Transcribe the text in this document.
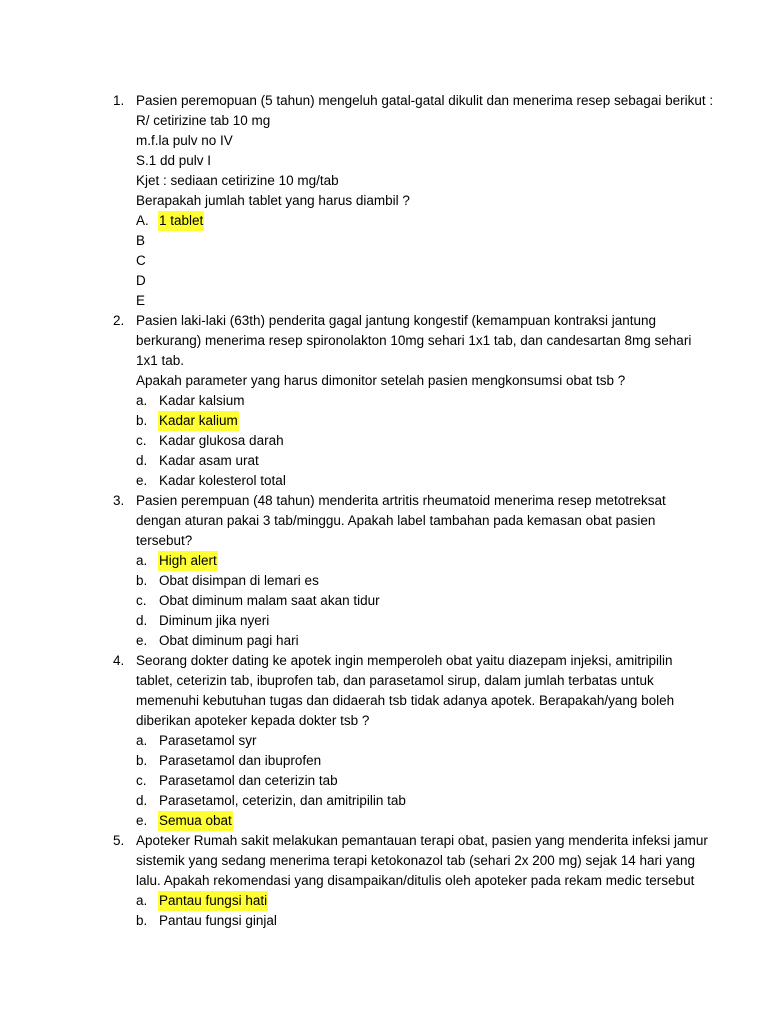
1. Pasien peremopuan (5 tahun) mengeluh gatal-gatal dikulit dan menerima resep sebagai berikut :
R/ cetirizine tab 10 mg
m.f.la pulv no IV
S.1 dd pulv I
Kjet : sediaan cetirizine 10 mg/tab
Berapakah jumlah tablet yang harus diambil ?
A. 1 tablet
B
C
D
E
2. Pasien laki-laki (63th) penderita gagal jantung kongestif (kemampuan kontraksi jantung
berkurang) menerima resep spironolakton 10mg sehari 1x1 tab, dan candesartan 8mg sehari
1x1 tab.
Apakah parameter yang harus dimonitor setelah pasien mengkonsumsi obat tsb ?
a. Kadar kalsium
b. Kadar kalium
c. Kadar glukosa darah
d. Kadar asam urat
e. Kadar kolesterol total
3. Pasien perempuan (48 tahun) menderita artritis rheumatoid menerima resep metotreksat
dengan aturan pakai 3 tab/minggu. Apakah label tambahan pada kemasan obat pasien
tersebut?
a. High alert
b. Obat disimpan di lemari es
c. Obat diminum malam saat akan tidur
d. Diminum jika nyeri
e. Obat diminum pagi hari
4. Seorang dokter dating ke apotek ingin memperoleh obat yaitu diazepam injeksi, amitripilin
tablet, ceterizin tab, ibuprofen tab, dan parasetamol sirup, dalam jumlah terbatas untuk
memenuhi kebutuhan tugas dan didaerah tsb tidak adanya apotek. Berapakah/yang boleh
diberikan apoteker kepada dokter tsb ?
a. Parasetamol syr
b. Parasetamol dan ibuprofen
c. Parasetamol dan ceterizin tab
d. Parasetamol, ceterizin, dan amitripilin tab
e. Semua obat
5. Apoteker Rumah sakit melakukan pemantauan terapi obat, pasien yang menderita infeksi jamur
sistemik yang sedang menerima terapi ketokonazol tab (sehari 2x 200 mg) sejak 14 hari yang
lalu. Apakah rekomendasi yang disampaikan/ditulis oleh apoteker pada rekam medic tersebut
a. Pantau fungsi hati
b. Pantau fungsi ginjal
